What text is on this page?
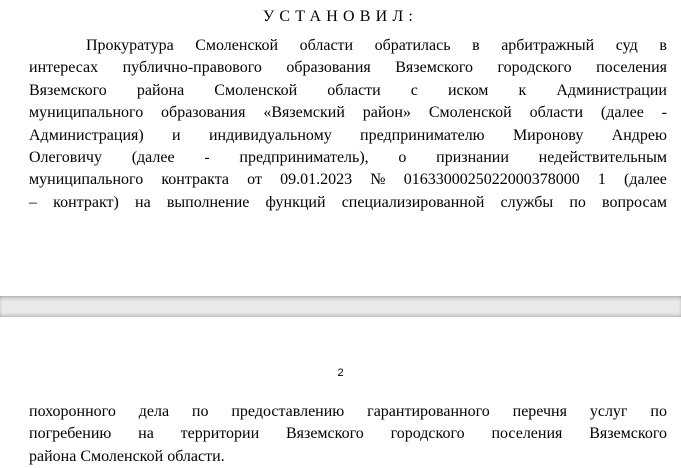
УСТАНОВИЛ:
Прокуратура Смоленской области обратилась в арбитражный суд в
интересах публично-правового образования Вяземского городского поселения
Вяземского района Смоленской области с иском к Администрации
муниципального образования «Вяземский район» Смоленской области (далее -
Администрация) и индивидуальному предпринимателю Миронову Андрею
Олеговичу (далее - предприниматель), о признании недействительным
муниципального контракта от 09.01.2023 № 0163300025022000378000 1 (далее
– контракт) на выполнение функций специализированной службы по вопросам
2
похоронного дела по предоставлению гарантированного перечня услуг по
погребению на территории Вяземского городского поселения Вяземского
района Смоленской области.
